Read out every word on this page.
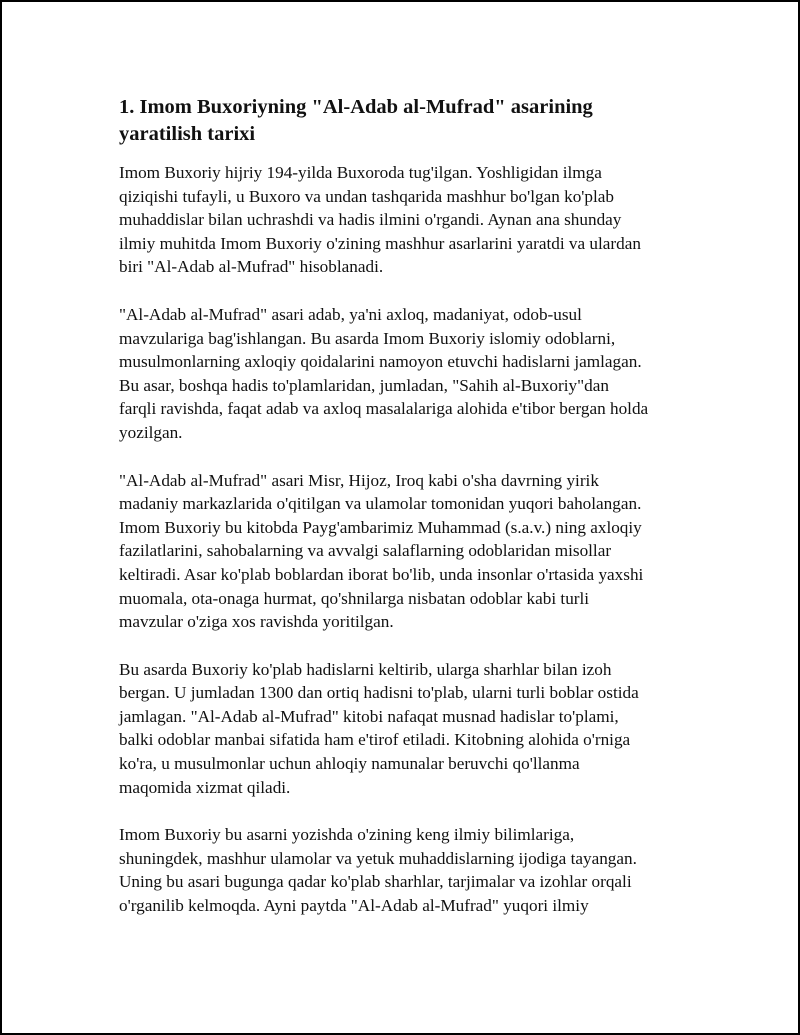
1. Imom Buxoriyning "Al-Adab al-Mufrad" asarining
yaratilish tarixi

Imom Buxoriy hijriy 194-yilda Buxoroda tug'ilgan. Yoshligidan ilmga
qiziqishi tufayli, u Buxoro va undan tashqarida mashhur bo'lgan ko'plab
muhaddislar bilan uchrashdi va hadis ilmini o'rgandi. Aynan ana shunday
ilmiy muhitda Imom Buxoriy o'zining mashhur asarlarini yaratdi va ulardan
biri "Al-Adab al-Mufrad" hisoblanadi.

"Al-Adab al-Mufrad" asari adab, ya'ni axloq, madaniyat, odob-usul
mavzulariga bag'ishlangan. Bu asarda Imom Buxoriy islomiy odoblarni,
musulmonlarning axloqiy qoidalarini namoyon etuvchi hadislarni jamlagan.
Bu asar, boshqa hadis to'plamlaridan, jumladan, "Sahih al-Buxoriy"dan
farqli ravishda, faqat adab va axloq masalalariga alohida e'tibor bergan holda
yozilgan.

"Al-Adab al-Mufrad" asari Misr, Hijoz, Iroq kabi o'sha davrning yirik
madaniy markazlarida o'qitilgan va ulamolar tomonidan yuqori baholangan.
Imom Buxoriy bu kitobda Payg'ambarimiz Muhammad (s.a.v.) ning axloqiy
fazilatlarini, sahobalarning va avvalgi salaflarning odoblaridan misollar
keltiradi. Asar ko'plab boblardan iborat bo'lib, unda insonlar o'rtasida yaxshi
muomala, ota-onaga hurmat, qo'shnilarga nisbatan odoblar kabi turli
mavzular o'ziga xos ravishda yoritilgan.

Bu asarda Buxoriy ko'plab hadislarni keltirib, ularga sharhlar bilan izoh
bergan. U jumladan 1300 dan ortiq hadisni to'plab, ularni turli boblar ostida
jamlagan. "Al-Adab al-Mufrad" kitobi nafaqat musnad hadislar to'plami,
balki odoblar manbai sifatida ham e'tirof etiladi. Kitobning alohida o'rniga
ko'ra, u musulmonlar uchun ahloqiy namunalar beruvchi qo'llanma
maqomida xizmat qiladi.

Imom Buxoriy bu asarni yozishda o'zining keng ilmiy bilimlariga,
shuningdek, mashhur ulamolar va yetuk muhaddislarning ijodiga tayangan.
Uning bu asari bugunga qadar ko'plab sharhlar, tarjimalar va izohlar orqali
o'rganilib kelmoqda. Ayni paytda "Al-Adab al-Mufrad" yuqori ilmiy
